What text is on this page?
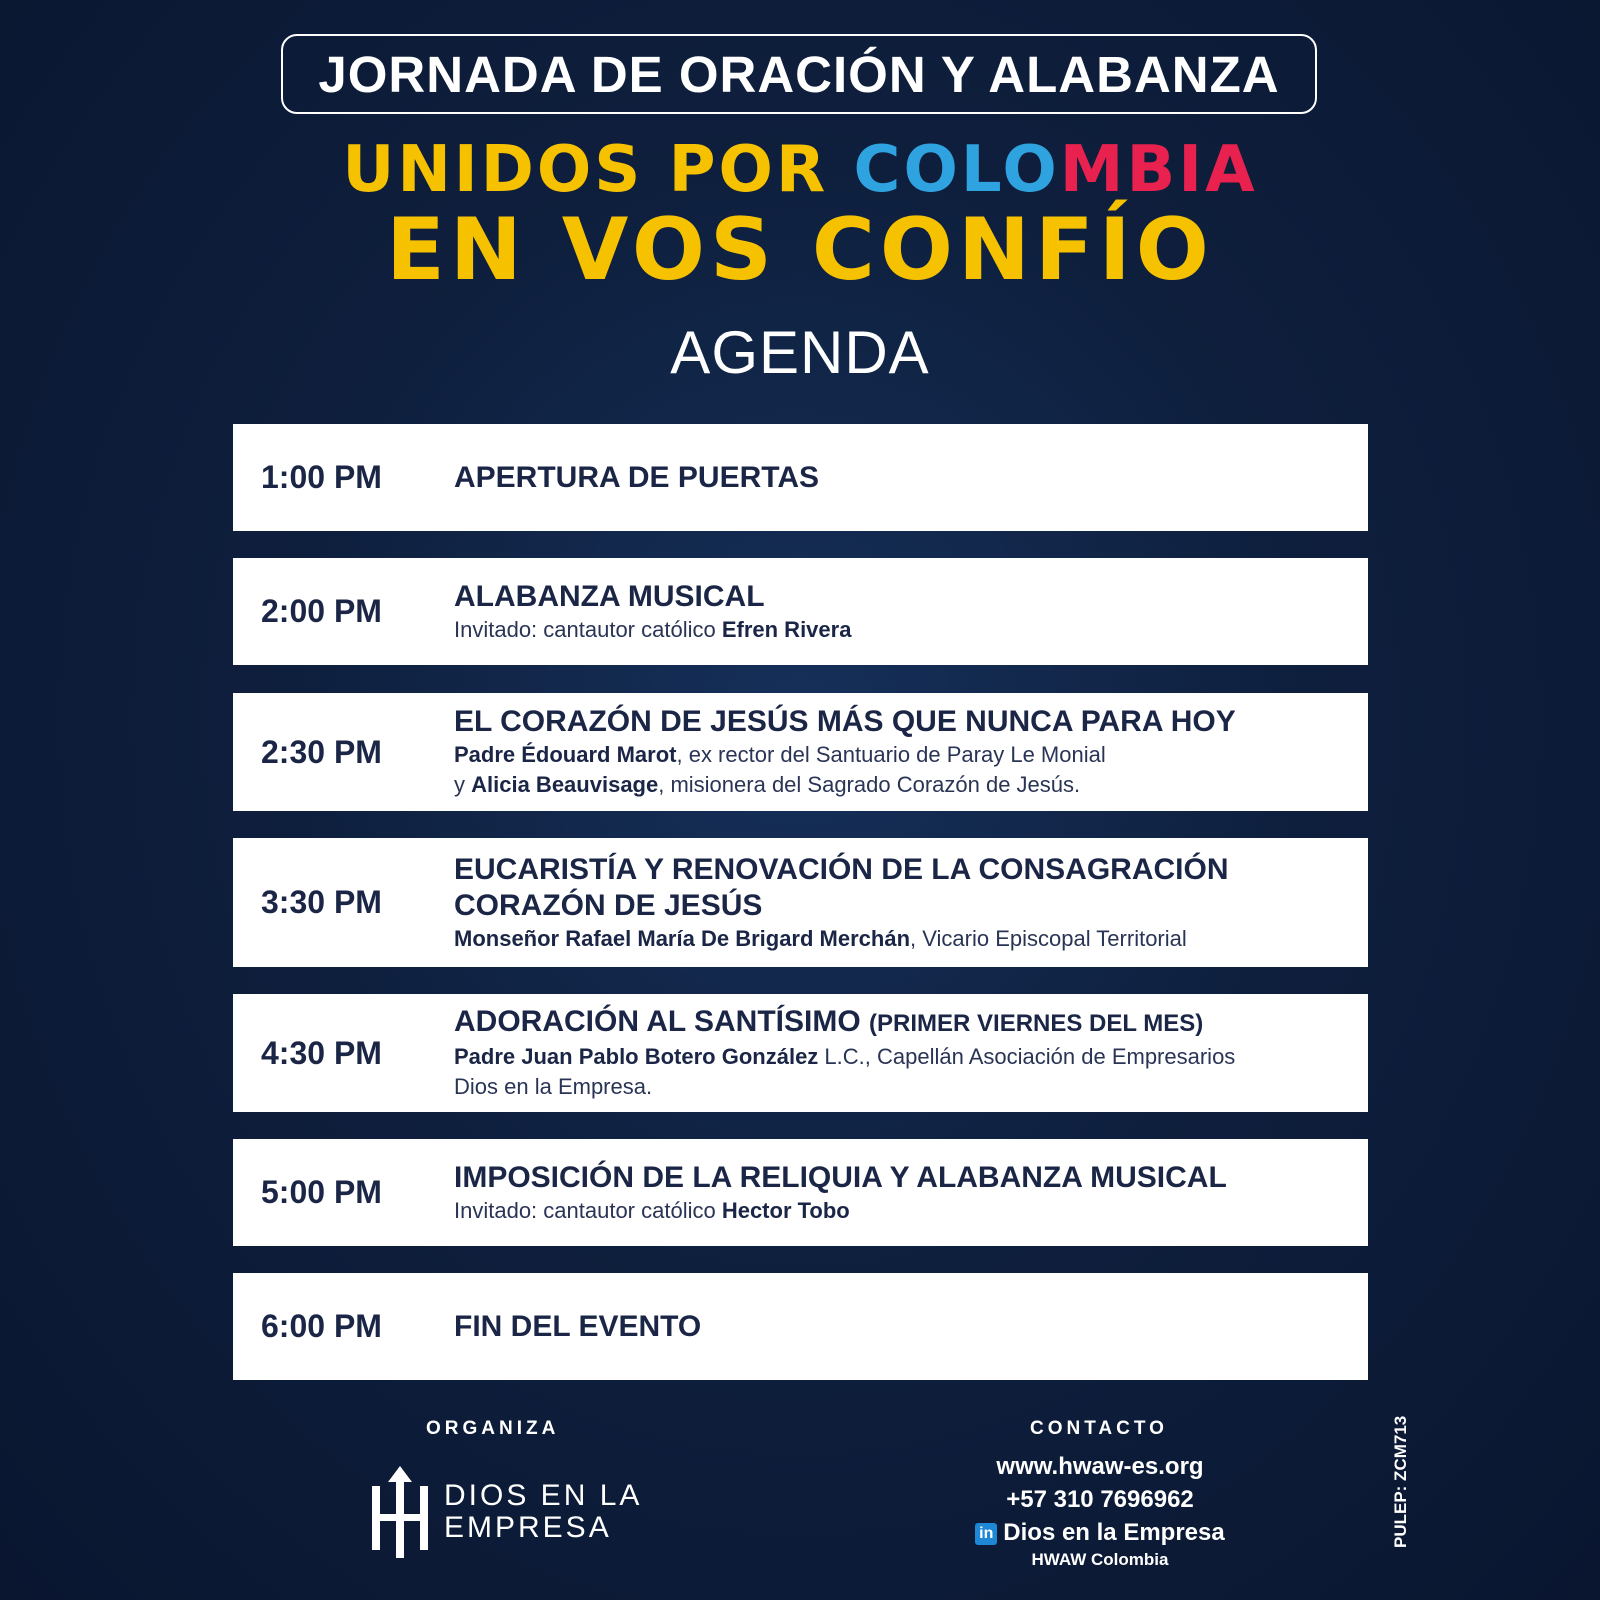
JORNADA DE ORACIÓN Y ALABANZA
UNIDOS POR COLOMBIA
EN VOS CONFÍO
AGENDA
1:00 PM	APERTURA DE PUERTAS
2:00 PM	ALABANZA MUSICAL
Invitado: cantautor católico Efren Rivera
2:30 PM
EL CORAZÓN DE JESÚS MÁS QUE NUNCA PARA HOY
Padre Édouard Marot, ex rector del Santuario de Paray Le Monial
y Alicia Beauvisage, misionera del Sagrado Corazón de Jesús.
3:30 PM
EUCARISTÍA Y RENOVACIÓN DE LA CONSAGRACIÓN
CORAZÓN DE JESÚS
Monseñor Rafael María De Brigard Merchán, Vicario Episcopal Territorial
4:30 PM
ADORACIÓN AL SANTÍSIMO (PRIMER VIERNES DEL MES)
Padre Juan Pablo Botero González L.C., Capellán Asociación de Empresarios
Dios en la Empresa.
5:00 PM	IMPOSICIÓN DE LA RELIQUIA Y ALABANZA MUSICAL
Invitado: cantautor católico Hector Tobo
6:00 PM	FIN DEL EVENTO
ORGANIZA
DIOS EN LA
EMPRESA
CONTACTO
www.hwaw-es.org
+57 310 7696962
in Dios en la Empresa
HWAW Colombia
PULEP: ZCM713
